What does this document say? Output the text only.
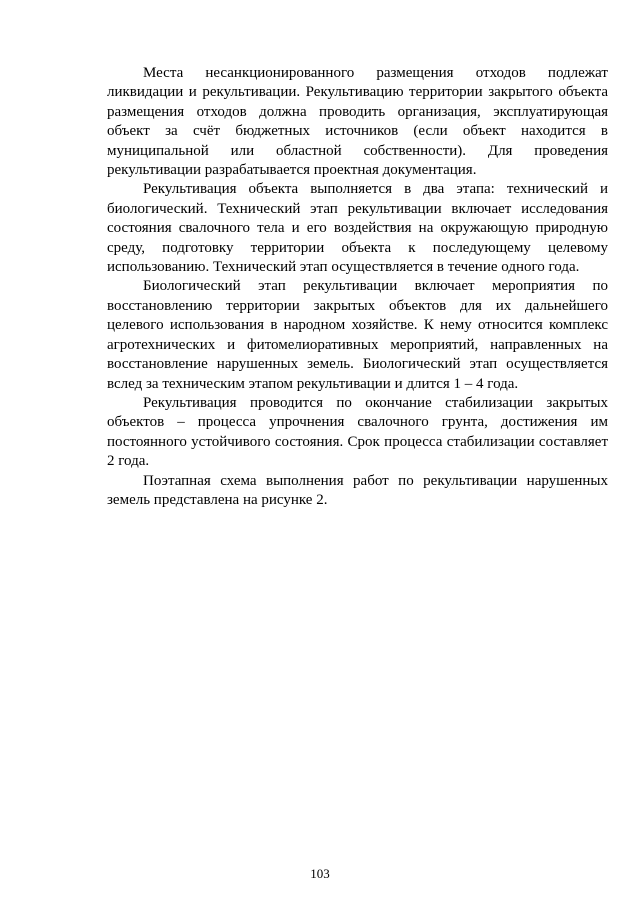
Места несанкционированного размещения отходов подлежат ликвидации и рекультивации. Рекультивацию территории закрытого объекта размещения отходов должна проводить организация, эксплуатирующая объект за счёт бюджетных источников (если объект находится в муниципальной или областной собственности). Для проведения рекультивации разрабатывается проектная документация.

Рекультивация объекта выполняется в два этапа: технический и биологический. Технический этап рекультивации включает исследования состояния свалочного тела и его воздействия на окружающую природную среду, подготовку территории объекта к последующему целевому использованию. Технический этап осуществляется в течение одного года.

Биологический этап рекультивации включает мероприятия по восстановлению территории закрытых объектов для их дальнейшего целевого использования в народном хозяйстве. К нему относится комплекс агротехнических и фитомелиоративных мероприятий, направленных на восстановление нарушенных земель. Биологический этап осуществляется вслед за техническим этапом рекультивации и длится 1 – 4 года.

Рекультивация проводится по окончание стабилизации закрытых объектов – процесса упрочнения свалочного грунта, достижения им постоянного устойчивого состояния. Срок процесса стабилизации составляет 2 года.

Поэтапная схема выполнения работ по рекультивации нарушенных земель представлена на рисунке 2.

103
